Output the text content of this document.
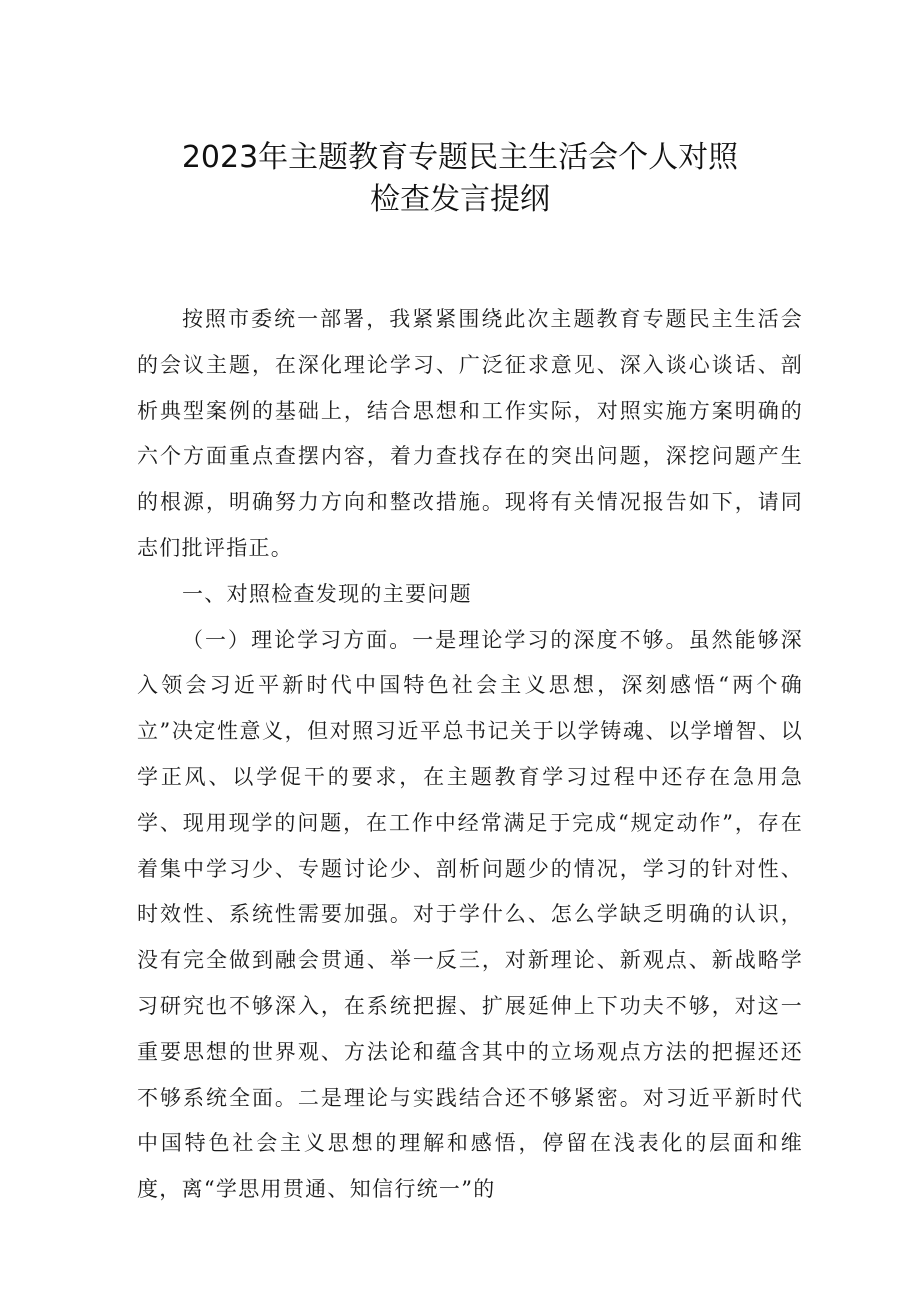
2023年主题教育专题民主生活会个人对照
检查发言提纲

按照市委统一部署，我紧紧围绕此次主题教育专题民主生活会的会议主题，在深化理论学习、广泛征求意见、深入谈心谈话、剖析典型案例的基础上，结合思想和工作实际，对照实施方案明确的六个方面重点查摆内容，着力查找存在的突出问题，深挖问题产生的根源，明确努力方向和整改措施。现将有关情况报告如下，请同志们批评指正。

一、对照检查发现的主要问题

（一）理论学习方面。一是理论学习的深度不够。虽然能够深入领会习近平新时代中国特色社会主义思想，深刻感悟“两个确立”决定性意义，但对照习近平总书记关于以学铸魂、以学增智、以学正风、以学促干的要求，在主题教育学习过程中还存在急用急学、现用现学的问题，在工作中经常满足于完成“规定动作”，存在着集中学习少、专题讨论少、剖析问题少的情况，学习的针对性、时效性、系统性需要加强。对于学什么、怎么学缺乏明确的认识，没有完全做到融会贯通、举一反三，对新理论、新观点、新战略学习研究也不够深入，在系统把握、扩展延伸上下功夫不够，对这一重要思想的世界观、方法论和蕴含其中的立场观点方法的把握还还不够系统全面。二是理论与实践结合还不够紧密。对习近平新时代中国特色社会主义思想的理解和感悟，停留在浅表化的层面和维度，离“学思用贯通、知信行统一”的
